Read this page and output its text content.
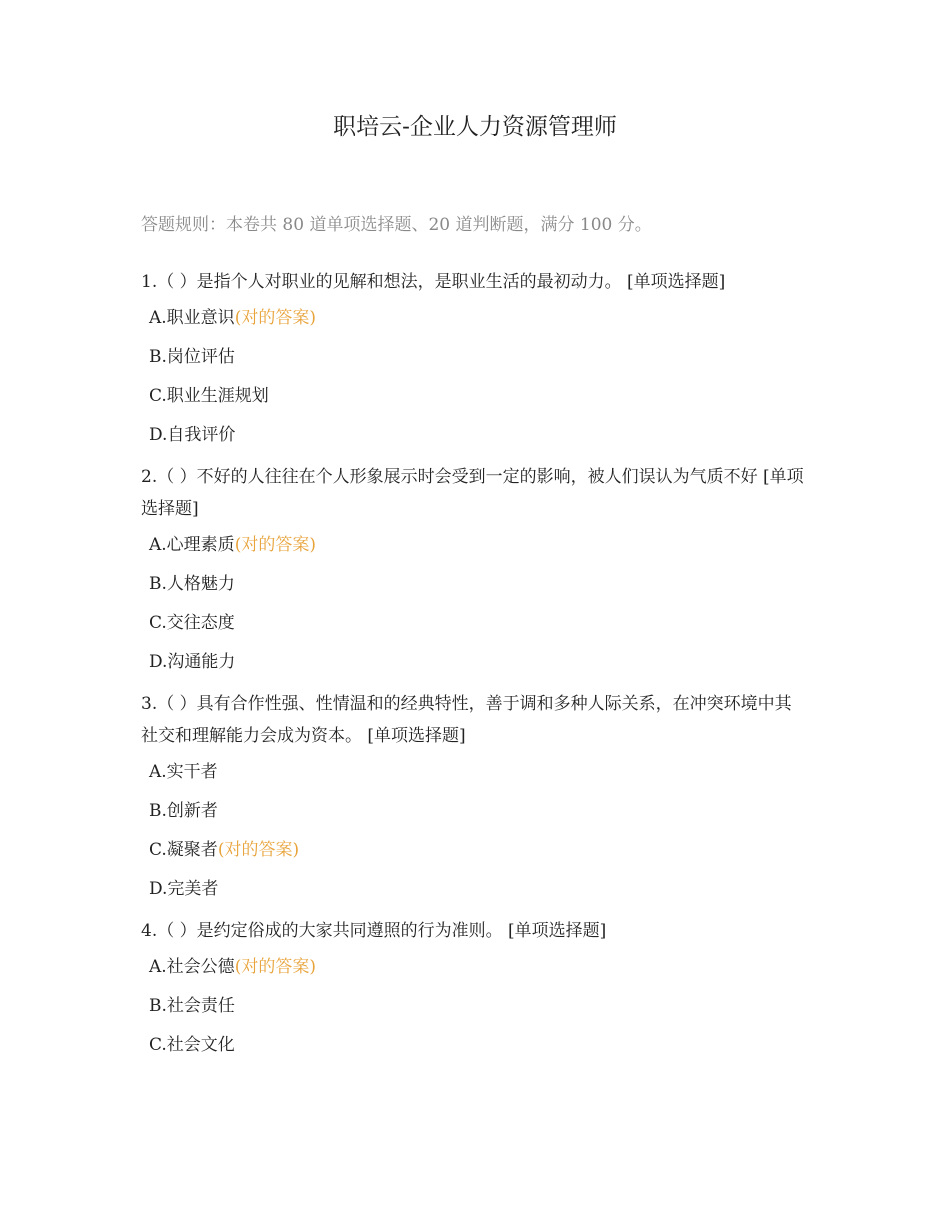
职培云-企业人力资源管理师
答题规则：本卷共 80 道单项选择题、20 道判断题，满分 100 分。
1.（ ）是指个人对职业的见解和想法，是职业生活的最初动力。 [单项选择题]
A.职业意识(对的答案)
B.岗位评估
C.职业生涯规划
D.自我评价
2.（ ）不好的人往往在个人形象展示时会受到一定的影响，被人们误认为气质不好 [单项选择题]
A.心理素质(对的答案)
B.人格魅力
C.交往态度
D.沟通能力
3.（ ）具有合作性强、性情温和的经典特性，善于调和多种人际关系，在冲突环境中其社交和理解能力会成为资本。 [单项选择题]
A.实干者
B.创新者
C.凝聚者(对的答案)
D.完美者
4.（ ）是约定俗成的大家共同遵照的行为准则。 [单项选择题]
A.社会公德(对的答案)
B.社会责任
C.社会文化
